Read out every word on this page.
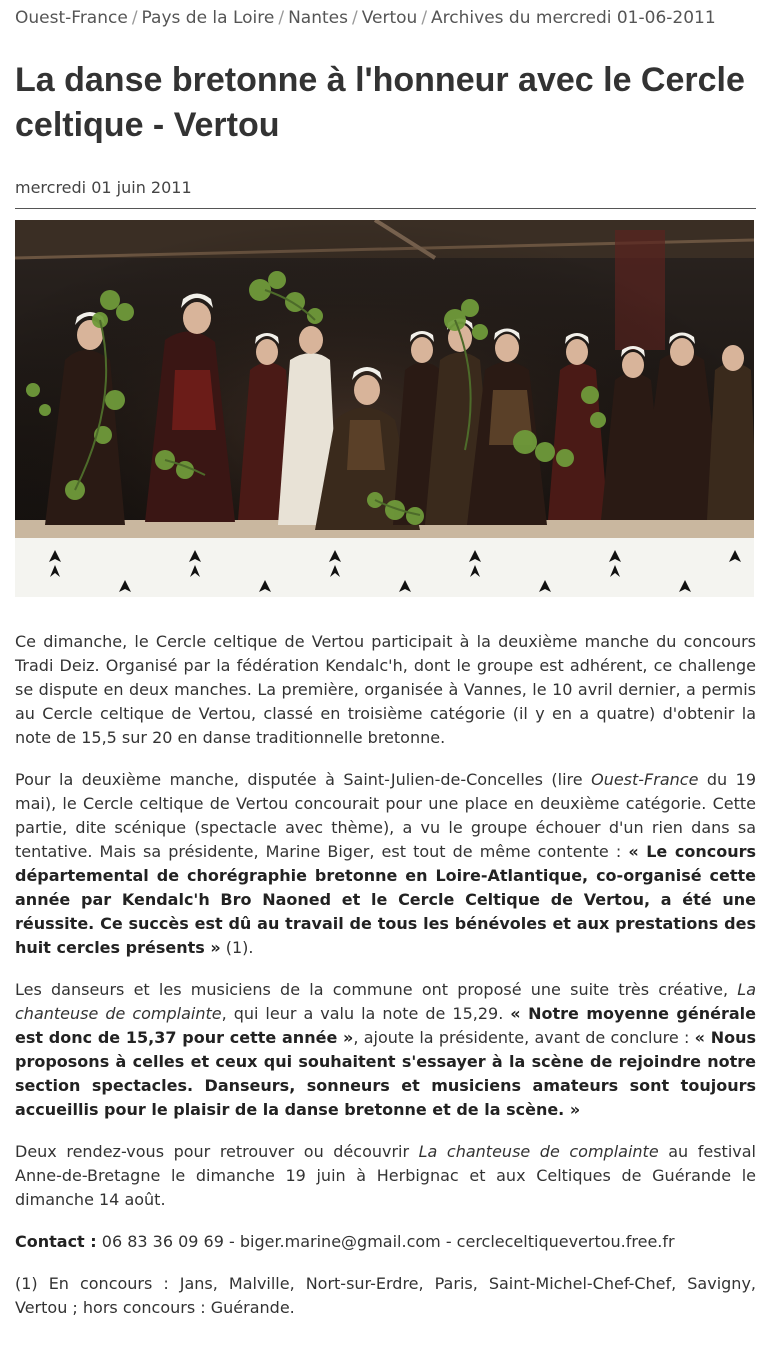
Ouest-France / Pays de la Loire / Nantes / Vertou / Archives du mercredi 01-06-2011
La danse bretonne à l'honneur avec le Cercle celtique - Vertou
mercredi 01 juin 2011

Ce dimanche, le Cercle celtique de Vertou participait à la deuxième manche du concours Tradi Deiz. Organisé par la fédération Kendalc'h, dont le groupe est adhérent, ce challenge se dispute en deux manches. La première, organisée à Vannes, le 10 avril dernier, a permis au Cercle celtique de Vertou, classé en troisième catégorie (il y en a quatre) d'obtenir la note de 15,5 sur 20 en danse traditionnelle bretonne.

Pour la deuxième manche, disputée à Saint-Julien-de-Concelles (lire Ouest-France du 19 mai), le Cercle celtique de Vertou concourait pour une place en deuxième catégorie. Cette partie, dite scénique (spectacle avec thème), a vu le groupe échouer d'un rien dans sa tentative. Mais sa présidente, Marine Biger, est tout de même contente : « Le concours départemental de chorégraphie bretonne en Loire-Atlantique, co-organisé cette année par Kendalc'h Bro Naoned et le Cercle Celtique de Vertou, a été une réussite. Ce succès est dû au travail de tous les bénévoles et aux prestations des huit cercles présents » (1).

Les danseurs et les musiciens de la commune ont proposé une suite très créative, La chanteuse de complainte, qui leur a valu la note de 15,29. « Notre moyenne générale est donc de 15,37 pour cette année », ajoute la présidente, avant de conclure : « Nous proposons à celles et ceux qui souhaitent s'essayer à la scène de rejoindre notre section spectacles. Danseurs, sonneurs et musiciens amateurs sont toujours accueillis pour le plaisir de la danse bretonne et de la scène. »

Deux rendez-vous pour retrouver ou découvrir La chanteuse de complainte au festival Anne-de-Bretagne le dimanche 19 juin à Herbignac et aux Celtiques de Guérande le dimanche 14 août.

Contact : 06 83 36 09 69 - biger.marine@gmail.com - cercleceltiquevertou.free.fr

(1) En concours : Jans, Malville, Nort-sur-Erdre, Paris, Saint-Michel-Chef-Chef, Savigny, Vertou ; hors concours : Guérande.
